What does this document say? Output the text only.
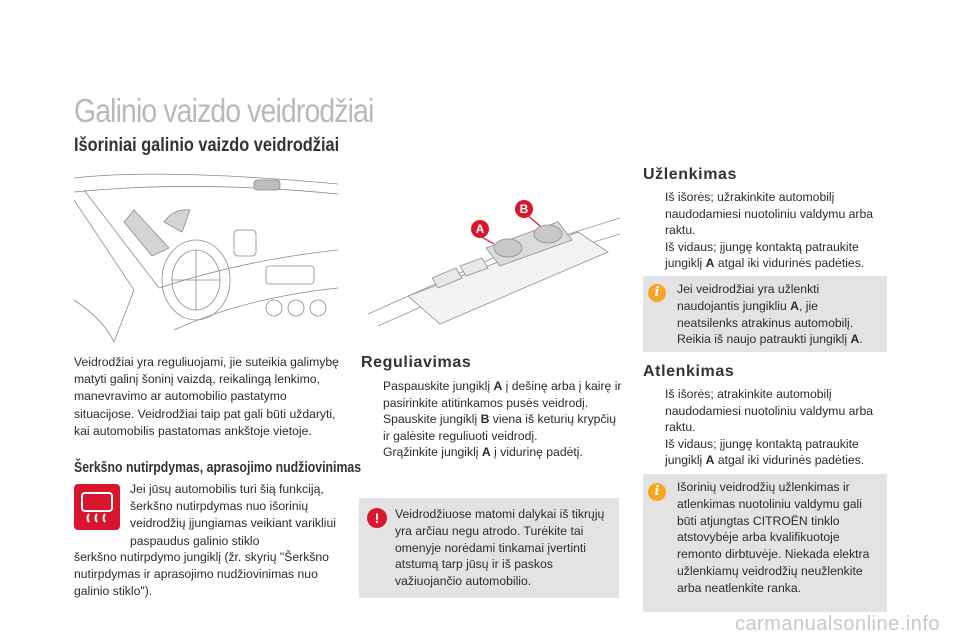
Galinio vaizdo veidrodžiai
Išoriniai galinio vaizdo veidrodžiai
Veidrodžiai yra reguliuojami, jie suteikia galimybę matyti galinį šoninį vaizdą, reikalingą lenkimo, manevravimo ar automobilio pastatymo situacijose. Veidrodžiai taip pat gali būti uždaryti, kai automobilis pastatomas ankštoje vietoje.
Šerkšno nutirpdymas, aprasojimo nudžiovinimas
Jei jūsų automobilis turi šią funkciją, šerkšno nutirpdymas nuo išorinių veidrodžių įjungiamas veikiant varikliui paspaudus galinio stiklo
šerkšno nutirpdymo jungiklį (žr. skyrių "Šerkšno nutirpdymas ir aprasojimo nudžiovinimas nuo galinio stiklo").
A
B
Reguliavimas
Paspauskite jungiklį A į dešinę arba į kairę ir pasirinkite atitinkamos pusės veidrodį.
Spauskite jungiklį B viena iš keturių krypčių ir galėsite reguliuoti veidrodį.
Grąžinkite jungiklį A į vidurinę padėtį.
!	Veidrodžiuose matomi dalykai iš tikrųjų yra arčiau negu atrodo. Turėkite tai omenyje norėdami tinkamai įvertinti atstumą tarp jūsų ir iš paskos važiuojančio automobilio.
Užlenkimas
Iš išorės; užrakinkite automobilį naudodamiesi nuotoliniu valdymu arba raktu.
Iš vidaus; įjungę kontaktą patraukite jungiklį A atgal iki vidurinės padėties.
i	Jei veidrodžiai yra užlenkti naudojantis jungikliu A, jie neatsilenks atrakinus automobilį. Reikia iš naujo patraukti jungiklį A.
Atlenkimas
Iš išorės; atrakinkite automobilį naudodamiesi nuotoliniu valdymu arba raktu.
Iš vidaus; įjungę kontaktą patraukite jungiklį A atgal iki vidurinės padėties.
i	Išorinių veidrodžių užlenkimas ir atlenkimas nuotoliniu valdymu gali būti atjungtas CITROËN tinklo atstovybėje arba kvalifikuotoje remonto dirbtuvėje. Niekada elektra užlenkiamų veidrodžių neužlenkite arba neatlenkite ranka.
carmanualsonline.info
